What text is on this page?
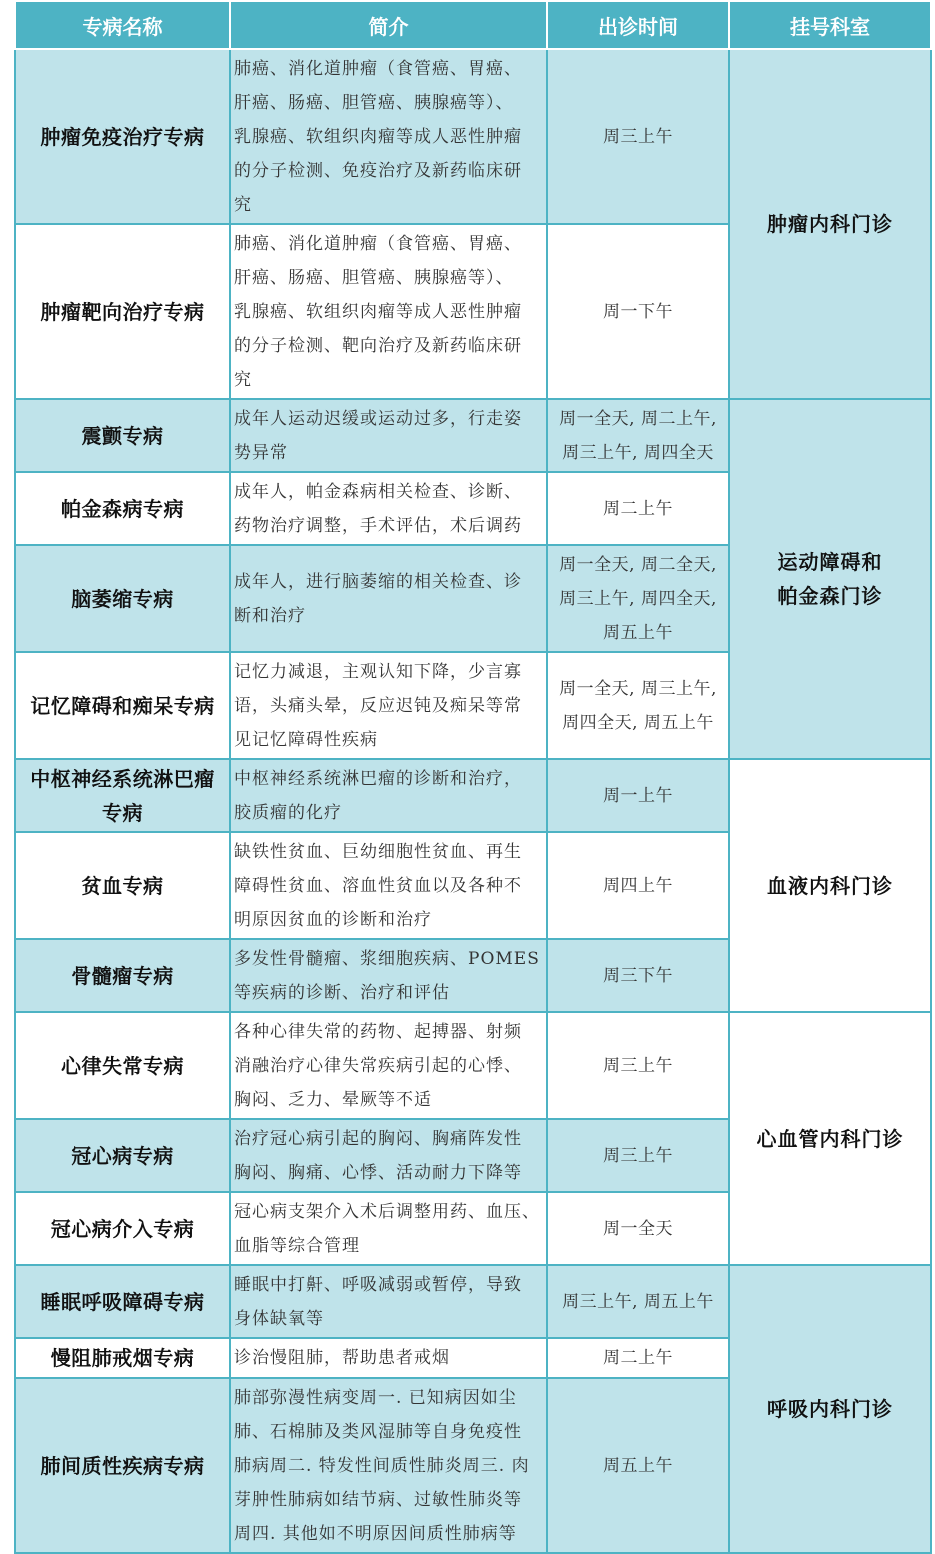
专病名称	简介	出诊时间	挂号科室

肿瘤免疫治疗专病	肺癌、消化道肿瘤（食管癌、胃癌、
肝癌、肠癌、胆管癌、胰腺癌等）、
乳腺癌、软组织肉瘤等成人恶性肿瘤
的分子检测、免疫治疗及新药临床研
究	周三上午	肿瘤内科门诊

肿瘤靶向治疗专病	肺癌、消化道肿瘤（食管癌、胃癌、
肝癌、肠癌、胆管癌、胰腺癌等）、
乳腺癌、软组织肉瘤等成人恶性肿瘤
的分子检测、靶向治疗及新药临床研
究	周一下午	

震颤专病	成年人运动迟缓或运动过多，行走姿
势异常	周一全天, 周二上午,
周三上午, 周四全天	运动障碍和
帕金森门诊

帕金森病专病	成年人，帕金森病相关检查、诊断、
药物治疗调整，手术评估，术后调药	周二上午	

脑萎缩专病	成年人，进行脑萎缩的相关检查、诊
断和治疗	周一全天, 周二全天,
周三上午, 周四全天,
周五上午	

记忆障碍和痴呆专病	记忆力减退，主观认知下降，少言寡
语，头痛头晕，反应迟钝及痴呆等常
见记忆障碍性疾病	周一全天, 周三上午,
周四全天, 周五上午	

中枢神经系统淋巴瘤
专病	中枢神经系统淋巴瘤的诊断和治疗，
胶质瘤的化疗	周一上午	血液内科门诊

贫血专病	缺铁性贫血、巨幼细胞性贫血、再生
障碍性贫血、溶血性贫血以及各种不
明原因贫血的诊断和治疗	周四上午	

骨髓瘤专病	多发性骨髓瘤、浆细胞疾病、POMES
等疾病的诊断、治疗和评估	周三下午	

心律失常专病	各种心律失常的药物、起搏器、射频
消融治疗心律失常疾病引起的心悸、
胸闷、乏力、晕厥等不适	周三上午	心血管内科门诊

冠心病专病	治疗冠心病引起的胸闷、胸痛阵发性
胸闷、胸痛、心悸、活动耐力下降等	周三上午	

冠心病介入专病	冠心病支架介入术后调整用药、血压、
血脂等综合管理	周一全天	

睡眠呼吸障碍专病	睡眠中打鼾、呼吸减弱或暂停，导致
身体缺氧等	周三上午, 周五上午	呼吸内科门诊

慢阻肺戒烟专病	诊治慢阻肺，帮助患者戒烟	周二上午	

肺间质性疾病专病	肺部弥漫性病变周一. 已知病因如尘
肺、石棉肺及类风湿肺等自身免疫性
肺病周二. 特发性间质性肺炎周三. 肉
芽肿性肺病如结节病、过敏性肺炎等
周四. 其他如不明原因间质性肺病等	周五上午	
